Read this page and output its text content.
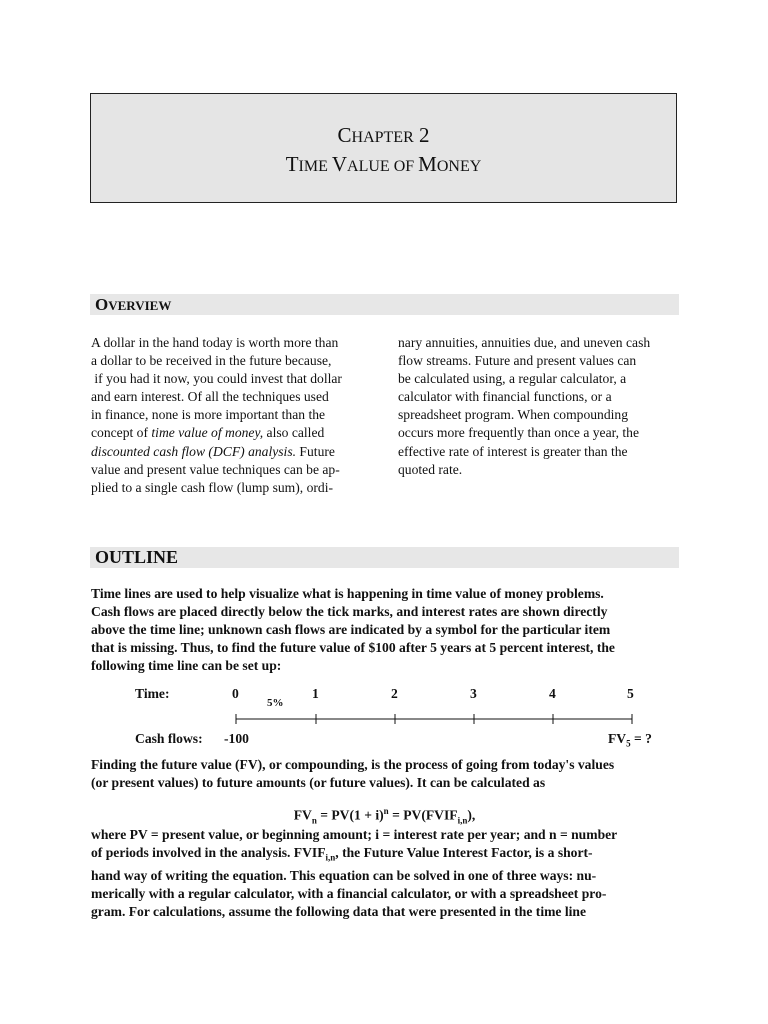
CHAPTER 2
TIME VALUE OF MONEY
OVERVIEW

A dollar in the hand today is worth more than

a dollar to be received in the future because,

if you had it now, you could invest that dollar

and earn interest. Of all the techniques used

in finance, none is more important than the

concept of time value of money, also called

discounted cash flow (DCF) analysis. Future

value and present value techniques can be ap-

plied to a single cash flow (lump sum), ordi-

nary annuities, annuities due, and uneven cash

flow streams. Future and present values can

be calculated using, a regular calculator, a

calculator with financial functions, or a

spreadsheet program. When compounding

occurs more frequently than once a year, the

effective rate of interest is greater than the

quoted rate.

OUTLINE

Time lines are used to help visualize what is happening in time value of money problems.

Cash flows are placed directly below the tick marks, and interest rates are shown directly

above the time line; unknown cash flows are indicated by a symbol for the particular item

that is missing. Thus, to find the future value of $100 after 5 years at 5 percent interest, the

following time line can be set up:

Time:	0	1	2	3	4	5
5%
Cash flows: -100	$FV_5$ = ?

Finding the future value (FV), or compounding, is the process of going from today's values

(or present values) to future amounts (or future values). It can be calculated as

$FV_n = PV(1 + i)^n$ = $PV(FVIF_{i,n})$,

where PV = present value, or beginning amount; i = interest rate per year; and n = number

of periods involved in the analysis. $FVIF_{i,n}$, the Future Value Interest Factor, is a short-

hand way of writing the equation. This equation can be solved in one of three ways: nu-

merically with a regular calculator, with a financial calculator, or with a spreadsheet pro-

gram. For calculations, assume the following data that were presented in the time line
